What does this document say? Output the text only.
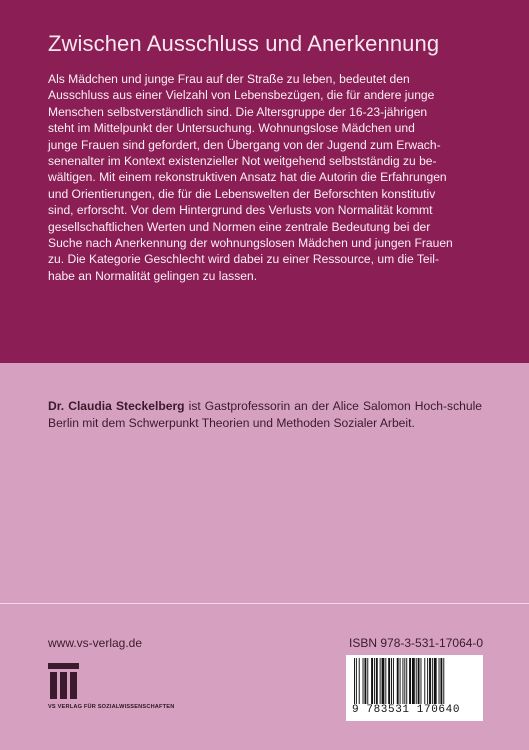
Zwischen Ausschluss und Anerkennung

Als Mädchen und junge Frau auf der Straße zu leben, bedeutet den
Ausschluss aus einer Vielzahl von Lebensbezügen, die für andere junge
Menschen selbstverständlich sind. Die Altersgruppe der 16-23-jährigen
steht im Mittelpunkt der Untersuchung. Wohnungslose Mädchen und
junge Frauen sind gefordert, den Übergang von der Jugend zum Erwach-
senenalter im Kontext existenzieller Not weitgehend selbstständig zu be-
wältigen. Mit einem rekonstruktiven Ansatz hat die Autorin die Erfahrungen
und Orientierungen, die für die Lebenswelten der Beforschten konstitutiv
sind, erforscht. Vor dem Hintergrund des Verlusts von Normalität kommt
gesellschaftlichen Werten und Normen eine zentrale Bedeutung bei der
Suche nach Anerkennung der wohnungslosen Mädchen und jungen Frauen
zu. Die Kategorie Geschlecht wird dabei zu einer Ressource, um die Teil-
habe an Normalität gelingen zu lassen.

Dr. Claudia Steckelberg ist Gastprofessorin an der Alice Salomon Hoch-schule Berlin mit dem Schwerpunkt Theorien und Methoden Sozialer Arbeit.

www.vs-verlag.de
VS VERLAG FÜR SOZIALWISSENSCHAFTEN
ISBN 978-3-531-17064-0
9 783531 170640
